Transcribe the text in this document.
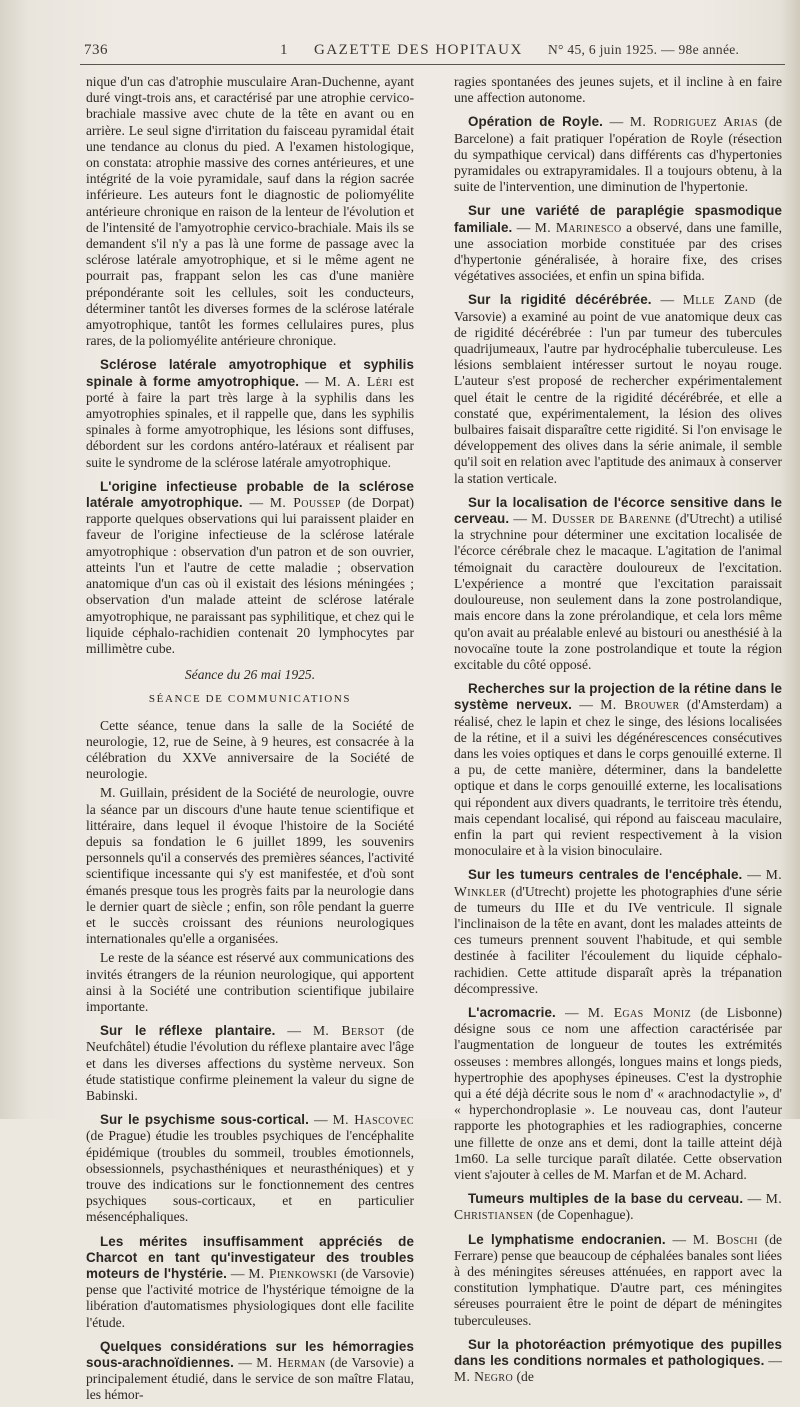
736	1 GAZETTE DES HOPITAUX N° 45, 6 juin 1925. — 98e année.

nique d'un cas d'atrophie musculaire Aran-Duchenne, ayant duré vingt-trois ans, et caractérisé par une atrophie cervico-brachiale massive avec chute de la tête en avant ou en arrière. Le seul signe d'irritation du faisceau pyramidal était une tendance au clonus du pied. A l'examen histologique, on constata: atrophie massive des cornes antérieures, et une intégrité de la voie pyramidale, sauf dans la région sacrée inférieure. Les auteurs font le diagnostic de poliomyélite antérieure chronique en raison de la lenteur de l'évolution et de l'intensité de l'amyotrophie cervico-brachiale. Mais ils se demandent s'il n'y a pas là une forme de passage avec la sclérose latérale amyotrophique, et si le même agent ne pourrait pas, frappant selon les cas d'une manière prépondérante soit les cellules, soit les conducteurs, déterminer tantôt les diverses formes de la sclérose latérale amyotrophique, tantôt les formes cellulaires pures, plus rares, de la poliomyélite antérieure chronique.

Sclérose latérale amyotrophique et syphilis spinale à forme amyotrophique. — M. A. Léri est porté à faire la part très large à la syphilis dans les amyotrophies spinales, et il rappelle que, dans les syphilis spinales à forme amyotrophique, les lésions sont diffuses, débordent sur les cordons antéro-latéraux et réalisent par suite le syndrome de la sclérose latérale amyotrophique.

L'origine infectieuse probable de la sclérose latérale amyotrophique. — M. Poussep (de Dorpat) rapporte quelques observations qui lui paraissent plaider en faveur de l'origine infectieuse de la sclérose latérale amyotrophique : observation d'un patron et de son ouvrier, atteints l'un et l'autre de cette maladie ; observation anatomique d'un cas où il existait des lésions méningées ; observation d'un malade atteint de sclérose latérale amyotrophique, ne paraissant pas syphilitique, et chez qui le liquide céphalo-rachidien contenait 20 lymphocytes par millimètre cube.

Séance du 26 mai 1925.
SÉANCE DE COMMUNICATIONS

Cette séance, tenue dans la salle de la Société de neurologie, 12, rue de Seine, à 9 heures, est consacrée à la célébration du XXVe anniversaire de la Société de neurologie.

M. Guillain, président de la Société de neurologie, ouvre la séance par un discours d'une haute tenue scientifique et littéraire, dans lequel il évoque l'histoire de la Société depuis sa fondation le 6 juillet 1899, les souvenirs personnels qu'il a conservés des premières séances, l'activité scientifique incessante qui s'y est manifestée, et d'où sont émanés presque tous les progrès faits par la neurologie dans le dernier quart de siècle ; enfin, son rôle pendant la guerre et le succès croissant des réunions neurologiques internationales qu'elle a organisées.

Le reste de la séance est réservé aux communications des invités étrangers de la réunion neurologique, qui apportent ainsi à la Société une contribution scientifique jubilaire importante.

Sur le réflexe plantaire. — M. Bersot (de Neufchâtel) étudie l'évolution du réflexe plantaire avec l'âge et dans les diverses affections du système nerveux. Son étude statistique confirme pleinement la valeur du signe de Babinski.

Sur le psychisme sous-cortical. — M. Hascovec (de Prague) étudie les troubles psychiques de l'encéphalite épidémique (troubles du sommeil, troubles émotionnels, obsessionnels, psychasthéniques et neurasthéniques) et y trouve des indications sur le fonctionnement des centres psychiques sous-corticaux, et en particulier mésencéphaliques.

Les mérites insuffisamment appréciés de Charcot en tant qu'investigateur des troubles moteurs de l'hystérie. — M. Pienkowski (de Varsovie) pense que l'activité motrice de l'hystérique témoigne de la libération d'automatismes physiologiques dont elle facilite l'étude.

Quelques considérations sur les hémorragies sous-arachnoïdiennes. — M. Herman (de Varsovie) a principalement étudié, dans le service de son maître Flatau, les hémor-

ragies spontanées des jeunes sujets, et il incline à en faire une affection autonome.

Opération de Royle. — M. Rodriguez Arias (de Barcelone) a fait pratiquer l'opération de Royle (résection du sympathique cervical) dans différents cas d'hypertonies pyramidales ou extrapyramidales. Il a toujours obtenu, à la suite de l'intervention, une diminution de l'hypertonie.

Sur une variété de paraplégie spasmodique familiale. — M. Marinesco a observé, dans une famille, une association morbide constituée par des crises d'hypertonie généralisée, à horaire fixe, des crises végétatives associées, et enfin un spina bifida.

Sur la rigidité décérébrée. — Mlle Zand (de Varsovie) a examiné au point de vue anatomique deux cas de rigidité décérébrée : l'un par tumeur des tubercules quadrijumeaux, l'autre par hydrocéphalie tuberculeuse. Les lésions semblaient intéresser surtout le noyau rouge. L'auteur s'est proposé de rechercher expérimentalement quel était le centre de la rigidité décérébrée, et elle a constaté que, expérimentalement, la lésion des olives bulbaires faisait disparaître cette rigidité. Si l'on envisage le développement des olives dans la série animale, il semble qu'il soit en relation avec l'aptitude des animaux à conserver la station verticale.

Sur la localisation de l'écorce sensitive dans le cerveau. — M. Dusser de Barenne (d'Utrecht) a utilisé la strychnine pour déterminer une excitation localisée de l'écorce cérébrale chez le macaque. L'agitation de l'animal témoignait du caractère douloureux de l'excitation. L'expérience a montré que l'excitation paraissait douloureuse, non seulement dans la zone postrolandique, mais encore dans la zone prérolandique, et cela lors même qu'on avait au préalable enlevé au bistouri ou anesthésié à la novocaïne toute la zone postrolandique et toute la région excitable du côté opposé.

Recherches sur la projection de la rétine dans le système nerveux. — M. Brouwer (d'Amsterdam) a réalisé, chez le lapin et chez le singe, des lésions localisées de la rétine, et il a suivi les dégénérescences consécutives dans les voies optiques et dans le corps genouillé externe. Il a pu, de cette manière, déterminer, dans la bandelette optique et dans le corps genouillé externe, les localisations qui répondent aux divers quadrants, le territoire très étendu, mais cependant localisé, qui répond au faisceau maculaire, enfin la part qui revient respectivement à la vision monoculaire et à la vision binoculaire.

Sur les tumeurs centrales de l'encéphale. — M. Winkler (d'Utrecht) projette les photographies d'une série de tumeurs du IIIe et du IVe ventricule. Il signale l'inclinaison de la tête en avant, dont les malades atteints de ces tumeurs prennent souvent l'habitude, et qui semble destinée à faciliter l'écoulement du liquide céphalo-rachidien. Cette attitude disparaît après la trépanation décompressive.

L'acromacrie. — M. Egas Moniz (de Lisbonne) désigne sous ce nom une affection caractérisée par l'augmentation de longueur de toutes les extrémités osseuses : membres allongés, longues mains et longs pieds, hypertrophie des apophyses épineuses. C'est la dystrophie qui a été déjà décrite sous le nom d' « arachnodactylie », d' « hyperchondroplasie ». Le nouveau cas, dont l'auteur rapporte les photographies et les radiographies, concerne une fillette de onze ans et demi, dont la taille atteint déjà 1m60. La selle turcique paraît dilatée. Cette observation vient s'ajouter à celles de M. Marfan et de M. Achard.

Tumeurs multiples de la base du cerveau. — M. Christiansen (de Copenhague).

Le lymphatisme endocranien. — M. Boschi (de Ferrare) pense que beaucoup de céphalées banales sont liées à des méningites séreuses atténuées, en rapport avec la constitution lymphatique. D'autre part, ces méningites séreuses pourraient être le point de départ de méningites tuberculeuses.

Sur la photoréaction prémyotique des pupilles dans les conditions normales et pathologiques. — M. Negro (de
